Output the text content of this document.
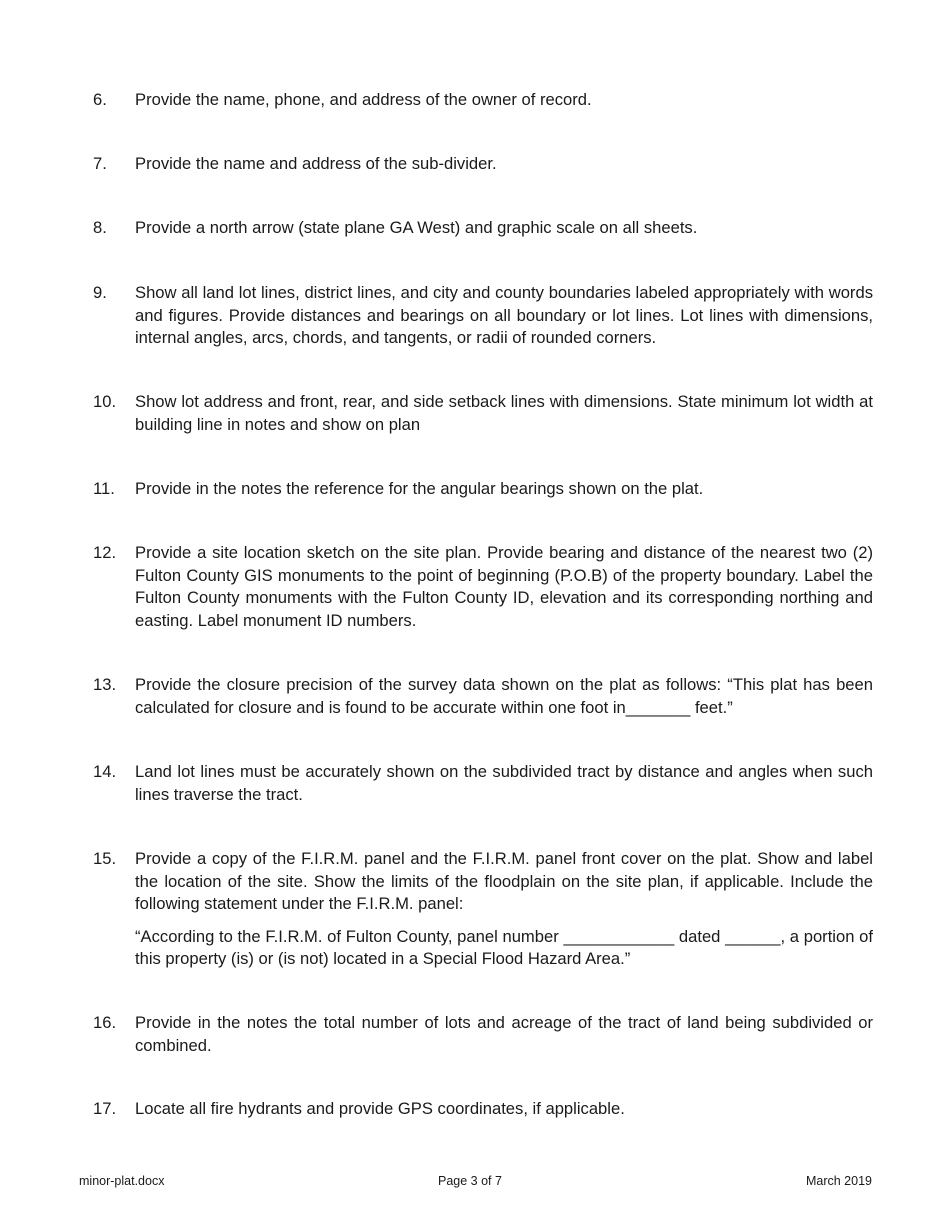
6. Provide the name, phone, and address of the owner of record.
7. Provide the name and address of the sub-divider.
8. Provide a north arrow (state plane GA West) and graphic scale on all sheets.
9. Show all land lot lines, district lines, and city and county boundaries labeled appropriately with words and figures. Provide distances and bearings on all boundary or lot lines. Lot lines with dimensions, internal angles, arcs, chords, and tangents, or radii of rounded corners.
10. Show lot address and front, rear, and side setback lines with dimensions. State minimum lot width at building line in notes and show on plan
11. Provide in the notes the reference for the angular bearings shown on the plat.
12. Provide a site location sketch on the site plan. Provide bearing and distance of the nearest two (2) Fulton County GIS monuments to the point of beginning (P.O.B) of the property boundary. Label the Fulton County monuments with the Fulton County ID, elevation and its corresponding northing and easting. Label monument ID numbers.
13. Provide the closure precision of the survey data shown on the plat as follows: “This plat has been calculated for closure and is found to be accurate within one foot in_______ feet.”
14. Land lot lines must be accurately shown on the subdivided tract by distance and angles when such lines traverse the tract.
15. Provide a copy of the F.I.R.M. panel and the F.I.R.M. panel front cover on the plat. Show and label the location of the site. Show the limits of the floodplain on the site plan, if applicable. Include the following statement under the F.I.R.M. panel:
“According to the F.I.R.M. of Fulton County, panel number ____________ dated ______, a portion of this property (is) or (is not) located in a Special Flood Hazard Area.”
16. Provide in the notes the total number of lots and acreage of the tract of land being subdivided or combined.
17. Locate all fire hydrants and provide GPS coordinates, if applicable.
minor-plat.docx	Page 3 of 7	March 2019
